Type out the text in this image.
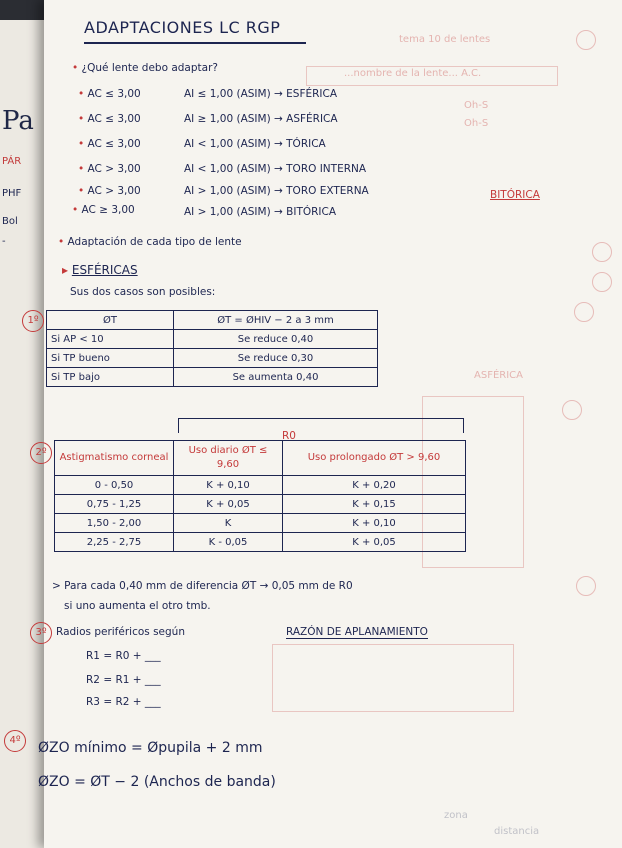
Pa
PÁR
PHF
Bol
-
ADAPTACIONES LC RGP
tema 10 de lentes
• ¿Qué lente debo adaptar?	...nombre de la lente... A.C.
Oh-S
Oh-S
• AC ≤ 3,00	AI ≤ 1,00 (ASIM) → ESFÉRICA
• AC ≤ 3,00	AI ≥ 1,00 (ASIM) → ASFÉRICA
• AC ≤ 3,00	AI < 1,00 (ASIM) → TÓRICA
• AC > 3,00	AI < 1,00 (ASIM) → TORO INTERNA
• AC > 3,00	AI > 1,00 (ASIM) → TORO EXTERNA	BITÓRICA
• AC ≥ 3,00	AI > 1,00 (ASIM) → BITÓRICA
• Adaptación de cada tipo de lente
▸ ESFÉRICAS
Sus dos casos son posibles:
1º	ØT	ØT = ØHIV − 2 a 3 mm
Si AP < 10	Se reduce 0,40
Si TP bueno	Se reduce 0,30
Si TP bajo	Se aumenta 0,40	ASFÉRICA
R0
2º	Astigmatismo corneal	Uso diario ØT ≤ 9,60	Uso prolongado ØT > 9,60
0 - 0,50	K + 0,10	K + 0,20
0,75 - 1,25	K + 0,05	K + 0,15
1,50 - 2,00	K	K + 0,10
2,25 - 2,75	K - 0,05	K + 0,05
> Para cada 0,40 mm de diferencia ØT → 0,05 mm de R0
si uno aumenta el otro tmb.
3º Radios periféricos según	RAZÓN DE APLANAMIENTO
R1 = R0 + ___
R2 = R1 + ___
R3 = R2 + ___
4º	ØZO mínimo = Øpupila + 2 mm
ØZO = ØT − 2 (Anchos de banda)
zona
distancia
